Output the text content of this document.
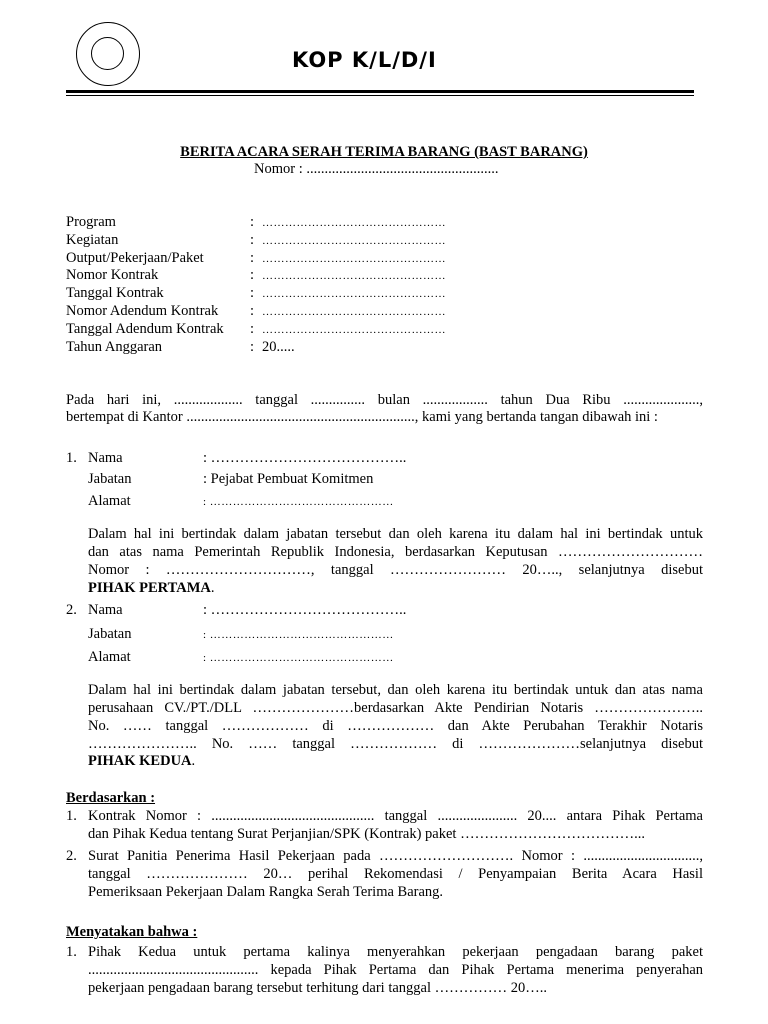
KOP K/L/D/I
BERITA ACARA SERAH TERIMA BARANG (BAST BARANG)
Nomor : .....................................................
Program	: …………………………………………
Kegiatan	: …………………………………………
Output/Pekerjaan/Paket	: …………………………………………
Nomor Kontrak	: …………………………………………
Tanggal Kontrak	: …………………………………………
Nomor Adendum Kontrak : …………………………………………
Tanggal Adendum Kontrak : …………………………………………
Tahun Anggaran	: 20.....
Pada hari ini, ................... tanggal ............... bulan .................. tahun Dua Ribu .....................,
bertempat di Kantor ..............................................................., kami yang bertanda tangan dibawah ini :
1. Nama	: …………………………………..
Jabatan	: Pejabat Pembuat Komitmen
Alamat	: …………………………………………
Dalam hal ini bertindak dalam jabatan tersebut dan oleh karena itu dalam hal ini bertindak untuk
dan atas nama Pemerintah Republik Indonesia, berdasarkan Keputusan …………………………
Nomor : …………………………, tanggal …………………… 20….., selanjutnya disebut
PIHAK PERTAMA.
2. Nama	: …………………………………..
Jabatan	: …………………………………………
Alamat	: …………………………………………
Dalam hal ini bertindak dalam jabatan tersebut, dan oleh karena itu bertindak untuk dan atas nama
perusahaan CV./PT./DLL …………………berdasarkan Akte Pendirian Notaris …………………..
No. …… tanggal ……………… di ……………… dan Akte Perubahan Terakhir Notaris
………………….. No. …… tanggal ……………… di …………………selanjutnya disebut
PIHAK KEDUA.
Berdasarkan :
1. Kontrak Nomor : ............................................. tanggal ...................... 20.... antara Pihak Pertama
dan Pihak Kedua tentang Surat Perjanjian/SPK (Kontrak) paket ………………………………...
2. Surat Panitia Penerima Hasil Pekerjaan pada ………………………. Nomor : ................................,
tanggal ………………… 20… perihal Rekomendasi / Penyampaian Berita Acara Hasil
Pemeriksaan Pekerjaan Dalam Rangka Serah Terima Barang.
Menyatakan bahwa :
1. Pihak Kedua untuk pertama kalinya menyerahkan pekerjaan pengadaan barang paket
............................................... kepada Pihak Pertama dan Pihak Pertama menerima penyerahan
pekerjaan pengadaan barang tersebut terhitung dari tanggal …………… 20…..
